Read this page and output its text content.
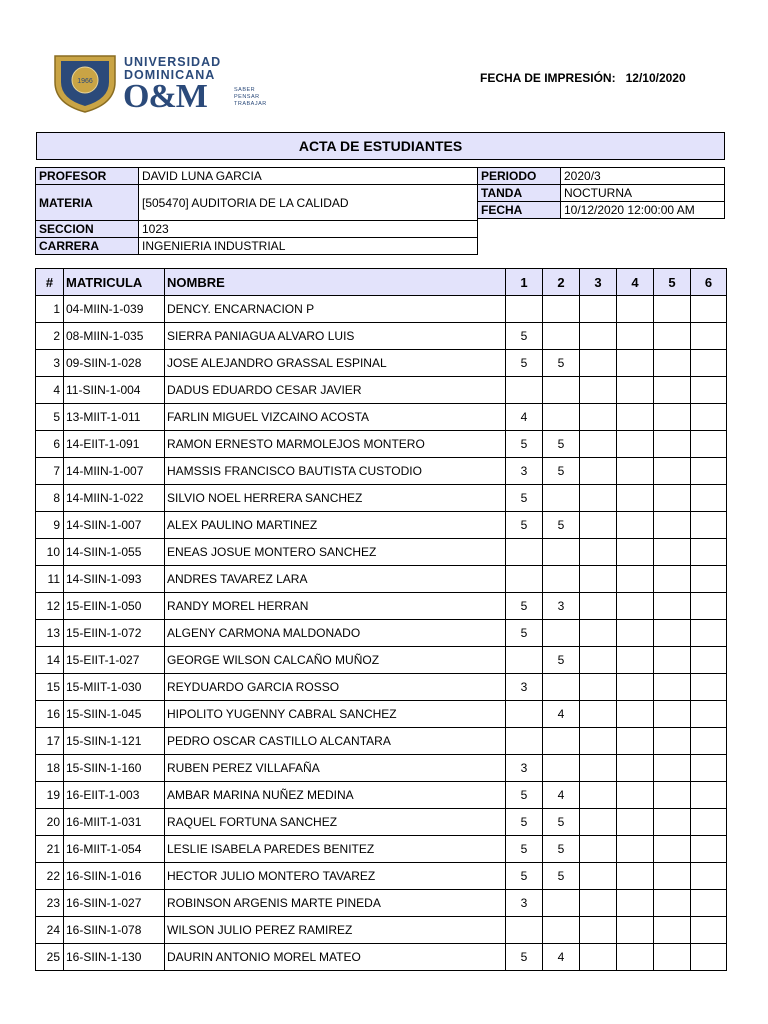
1966
UNIVERSIDAD
DOMINICANA
O&M	SABER
PENSAR
TRABAJAR
FECHA DE IMPRESIÓN: 12/10/2020
ACTA DE ESTUDIANTES
PROFESOR	DAVID LUNA GARCIA
MATERIA	[505470] AUDITORIA DE LA CALIDAD
SECCION	1023
CARRERA	INGENIERIA INDUSTRIAL
PERIODO	2020/3
TANDA	NOCTURNA
FECHA	10/12/2020 12:00:00 AM
#	MATRICULA	NOMBRE	1	2	3	4	5	6
1	04-MIIN-1-039	DENCY. ENCARNACION P						
2	08-MIIN-1-035	SIERRA PANIAGUA ALVARO LUIS	5					
3	09-SIIN-1-028	JOSE ALEJANDRO GRASSAL ESPINAL	5	5				
4	11-SIIN-1-004	DADUS EDUARDO CESAR JAVIER						
5	13-MIIT-1-011	FARLIN MIGUEL VIZCAINO ACOSTA	4					
6	14-EIIT-1-091	RAMON ERNESTO MARMOLEJOS MONTERO	5	5				
7	14-MIIN-1-007	HAMSSIS FRANCISCO BAUTISTA CUSTODIO	3	5				
8	14-MIIN-1-022	SILVIO NOEL HERRERA SANCHEZ	5					
9	14-SIIN-1-007	ALEX PAULINO MARTINEZ	5	5				
10	14-SIIN-1-055	ENEAS JOSUE MONTERO SANCHEZ						
11	14-SIIN-1-093	ANDRES TAVAREZ LARA						
12	15-EIIN-1-050	RANDY MOREL HERRAN	5	3				
13	15-EIIN-1-072	ALGENY CARMONA MALDONADO	5					
14	15-EIIT-1-027	GEORGE WILSON CALCAÑO MUÑOZ		5				
15	15-MIIT-1-030	REYDUARDO GARCIA ROSSO	3					
16	15-SIIN-1-045	HIPOLITO YUGENNY CABRAL SANCHEZ		4				
17	15-SIIN-1-121	PEDRO OSCAR CASTILLO ALCANTARA						
18	15-SIIN-1-160	RUBEN PEREZ VILLAFAÑA	3					
19	16-EIIT-1-003	AMBAR MARINA NUÑEZ MEDINA	5	4				
20	16-MIIT-1-031	RAQUEL FORTUNA SANCHEZ	5	5				
21	16-MIIT-1-054	LESLIE ISABELA PAREDES BENITEZ	5	5				
22	16-SIIN-1-016	HECTOR JULIO MONTERO TAVAREZ	5	5				
23	16-SIIN-1-027	ROBINSON ARGENIS MARTE PINEDA	3					
24	16-SIIN-1-078	WILSON JULIO PEREZ RAMIREZ						
25	16-SIIN-1-130	DAURIN ANTONIO MOREL MATEO	5	4				
